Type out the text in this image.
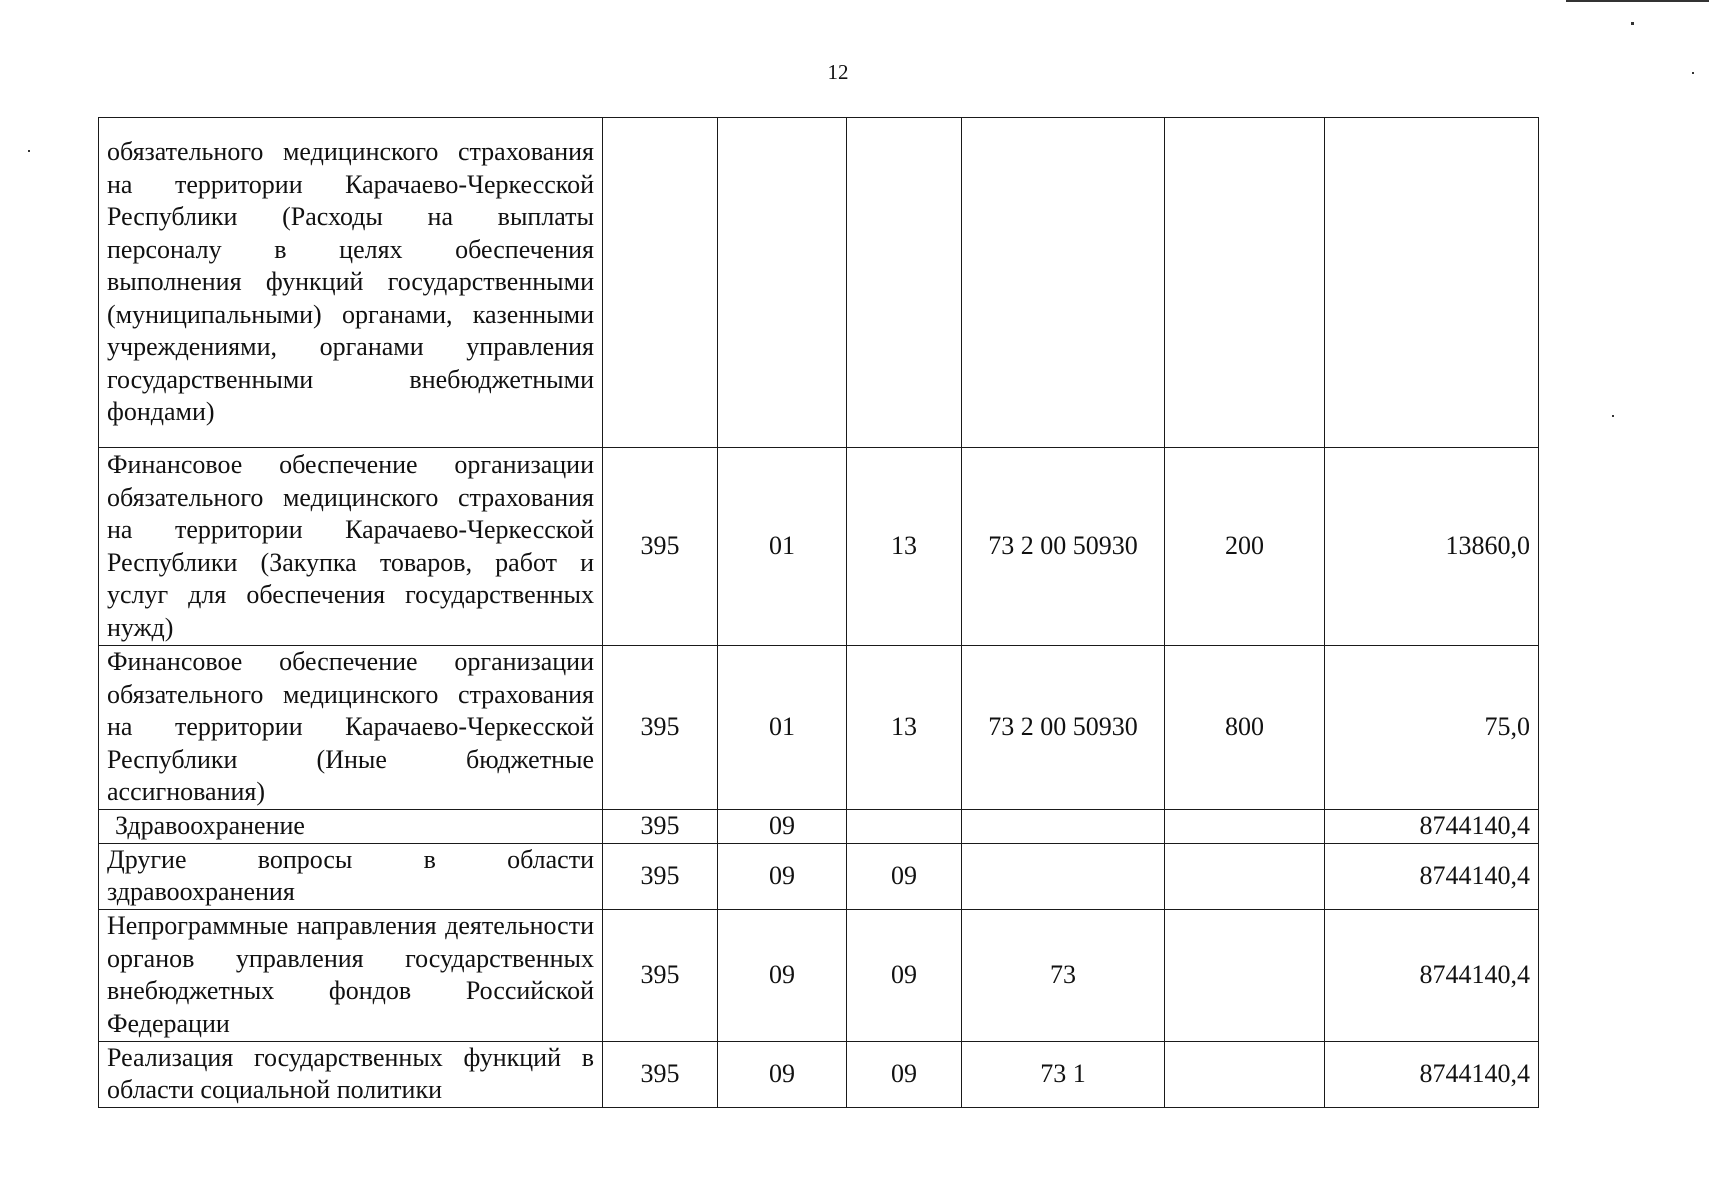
12
обязательного медицинского страхования на территории Карачаево-Черкесской Республики (Расходы на выплаты персоналу в целях обеспечения выполнения функций государственными (муниципальными) органами, казенными учреждениями, органами управления государственными внебюджетными фондами)						
Финансовое обеспечение организации обязательного медицинского страхования на территории Карачаево-Черкесской Республики (Закупка товаров, работ и услуг для обеспечения государственных нужд)	395	01	13	73 2 00 50930	200	13860,0
Финансовое обеспечение организации обязательного медицинского страхования на территории Карачаево-Черкесской Республики (Иные бюджетные ассигнования)	395	01	13	73 2 00 50930	800	75,0
Здравоохранение	395	09				8744140,4
Другие вопросы в области здравоохранения	395	09	09			8744140,4
Непрограммные направления деятельности органов управления государственных внебюджетных фондов Российской Федерации	395	09	09	73		8744140,4
Реализация государственных функций в области социальной политики	395	09	09	73 1		8744140,4
